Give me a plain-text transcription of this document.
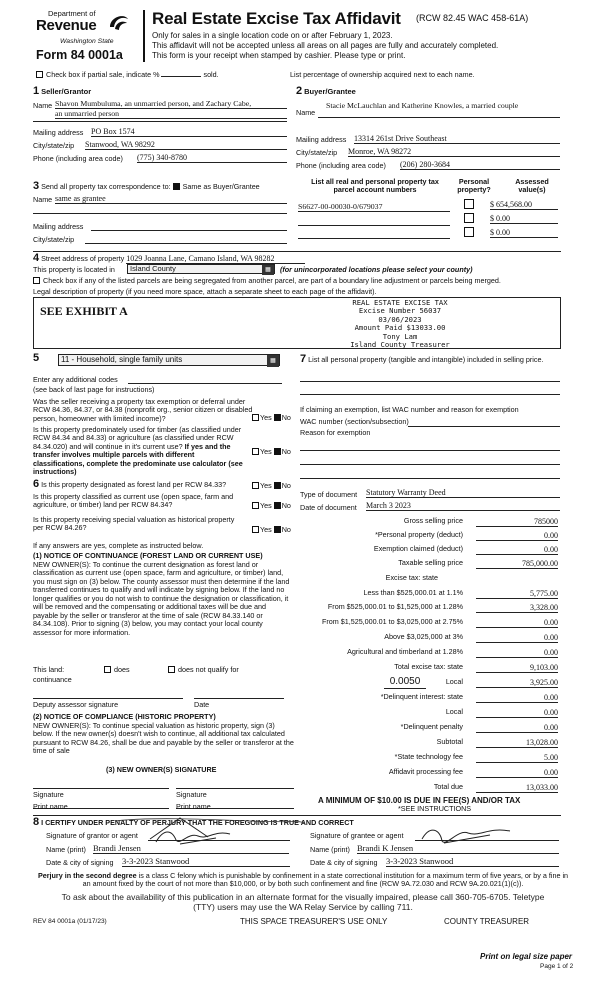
Department of
Revenue
Washington State
Form 84 0001a
Real Estate Excise Tax Affidavit (RCW 82.45 WAC 458-61A)
Only for sales in a single location code on or after February 1, 2023.
This affidavit will not be accepted unless all areas on all pages are fully and accurately completed.
This form is your receipt when stamped by cashier. Please type or print.
Check box if partial sale, indicate %	sold.	List percentage of ownership acquired next to each name.
1 Seller/Grantor
Name Shavon Mumbuluma, an unmarried person, and Zachary Cabe,
an unmarried person
Mailing address PO Box 1574
City/state/zip Stanwood, WA 98292
Phone (including area code) (775) 340-8780
2 Buyer/Grantee
Stacie McLauchlan and Katherine Knowles, a married couple
Name
Mailing address 13314 261st Drive Southeast
City/state/zip Monroe, WA 98272
Phone (including area code) (206) 280-3684
3 Send all property tax correspondence to: Same as Buyer/Grantee
Name same as grantee
Mailing address
City/state/zip
List all real and personal property tax parcel account numbers
Personal property?
Assessed value(s)
S6627-00-00030-0/679037	$ 654,568.00
$ 0.00
$ 0.00
4 Street address of property 1029 Joanna Lane, Camano Island, WA 98282
This property is located in	Island County	▦	(for unincorporated locations please select your county)
Check box if any of the listed parcels are being segregated from another parcel, are part of a boundary line adjustment or parcels being merged.
Legal description of property (if you need more space, attach a separate sheet to each page of the affidavit).
SEE EXHIBIT A
REAL ESTATE EXCISE TAX
Excise Number 56037
03/06/2023
Amount Paid $13033.00
Tony Lam
Island County Treasurer
5	11 - Household, single family units	▦
Enter any additional codes
(see back of last page for instructions)
Was the seller receiving a property tax exemption or deferral under RCW 84.36, 84.37, or 84.38 (nonprofit org., senior citizen or disabled person, homeowner with limited income)?	Yes No
Is this property predominately used for timber (as classified under RCW 84.34 and 84.33) or agriculture (as classified under RCW 84.34.020) and will continue in it's current use? If yes and the transfer involves multiple parcels with different classifications, complete the predominate use calculator (see instructions)
Yes No
7 List all personal property (tangible and intangible) included in selling price.
If claiming an exemption, list WAC number and reason for exemption
WAC number (section/subsection)
Reason for exemption
Type of document Statutory Warranty Deed
Date of document March 3 2023
6 Is this property designated as forest land per RCW 84.33?	Yes No
Is this property classified as current use (open space, farm and agriculture, or timber) land per RCW 84.34?	Yes No
Is this property receiving special valuation as historical property per RCW 84.26?	Yes No
If any answers are yes, complete as instructed below.
(1) NOTICE OF CONTINUANCE (FOREST LAND OR CURRENT USE)
NEW OWNER(S): To continue the current designation as forest land or classification as current use (open space, farm and agriculture, or timber) land, you must sign on (3) below. The county assessor must then determine if the land transferred continues to qualify and will indicate by signing below. If the land no longer qualifies or you do not wish to continue the designation or classification, it will be removed and the compensating or additional taxes will be due and payable by the seller or transferor at the time of sale (RCW 84.33.140 or 84.34.108). Prior to signing (3) below, you may contact your local county assessor for more information.
This land:	does	does not qualify for
continuance
Deputy assessor signature	Date
(2) NOTICE OF COMPLIANCE (HISTORIC PROPERTY)
NEW OWNER(S): To continue special valuation as historic property, sign (3) below. If the new owner(s) doesn't wish to continue, all additional tax calculated pursuant to RCW 84.26, shall be due and payable by the seller or transferor at the time of sale
(3) NEW OWNER(S) SIGNATURE
Signature	Signature
Print name	Print name
Gross selling price	785000
*Personal property (deduct)	0.00
Exemption claimed (deduct)	0.00
Taxable selling price	785,000.00
Excise tax: state
Less than $525,000.01 at 1.1%	5,775.00
From $525,000.01 to $1,525,000 at 1.28%	3,328.00
From $1,525,000.01 to $3,025,000 at 2.75%	0.00
Above $3,025,000 at 3%	0.00
Agricultural and timberland at 1.28%	0.00
Total excise tax: state	9,103.00
0.0050	Local	3,925.00
*Delinquent interest: state	0.00
Local	0.00
*Delinquent penalty	0.00
Subtotal	13,028.00
*State technology fee	5.00
Affidavit processing fee	0.00
Total due	13,033.00
A MINIMUM OF $10.00 IS DUE IN FEE(S) AND/OR TAX
*SEE INSTRUCTIONS
8 I CERTIFY UNDER PENALTY OF PERJURY THAT THE FOREGOING IS TRUE AND CORRECT
Signature of grantor or agent
Name (print) Brandi Jensen
Date & city of signing 3-3-2023 Stanwood
Signature of grantee or agent
Name (print) Brandi K Jensen
Date & city of signing 3-3-2023 Stanwood
Perjury in the second degree is a class C felony which is punishable by confinement in a state correctional institution for a maximum term of five years, or by a fine in an amount fixed by the court of not more than $10,000, or by both such confinement and fine (RCW 9A.72.030 and RCW 9A.20.021(1)(c)).
To ask about the availability of this publication in an alternate format for the visually impaired, please call 360-705-6705. Teletype
(TTY) users may use the WA Relay Service by calling 711.
REV 84 0001a (01/17/23)	THIS SPACE TREASURER'S USE ONLY	COUNTY TREASURER
Print on legal size paper
Page 1 of 2
